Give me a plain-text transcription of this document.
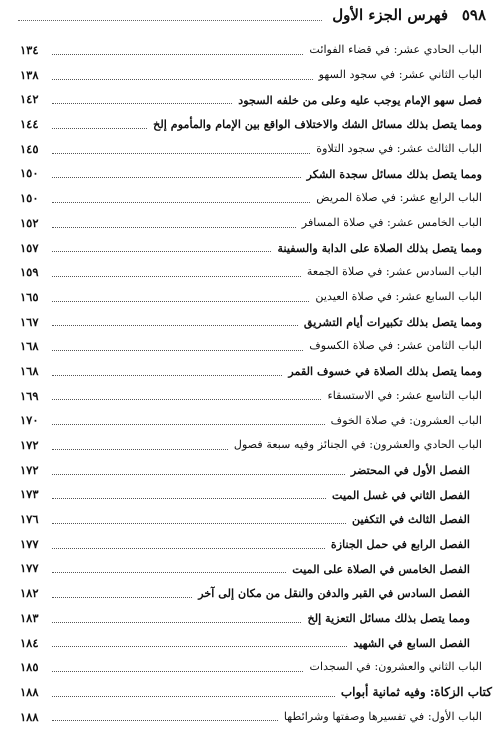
٥٩٨
فهرس الجزء الأول
الباب الحادي عشر: في قضاء الفوائت
١٣٤
الباب الثاني عشر: في سجود السهو
١٣٨
فصل سهو الإمام يوجب عليه وعلى من خلفه السجود
١٤٢
ومما يتصل بذلك مسائل الشك والاختلاف الواقع بين الإمام والمأموم إلخ
١٤٤
الباب الثالث عشر: في سجود التلاوة
١٤٥
ومما يتصل بذلك مسائل سجدة الشكر
١٥٠
الباب الرابع عشر: في صلاة المريض
١٥٠
الباب الخامس عشر: في صلاة المسافر
١٥٢
ومما يتصل بذلك الصلاة على الدابة والسفينة
١٥٧
الباب السادس عشر: في صلاة الجمعة
١٥٩
الباب السابع عشر: في صلاة العيدين
١٦٥
ومما يتصل بذلك تكبيرات أيام التشريق
١٦٧
الباب الثامن عشر: في صلاة الكسوف
١٦٨
ومما يتصل بذلك الصلاة في خسوف القمر
١٦٨
الباب التاسع عشر: في الاستسقاء
١٦٩
الباب العشرون: في صلاة الخوف
١٧٠
الباب الحادي والعشرون: في الجنائز وفيه سبعة فصول
١٧٢
الفصل الأول في المحتضر
١٧٢
الفصل الثاني في غسل الميت
١٧٣
الفصل الثالث في التكفين
١٧٦
الفصل الرابع في حمل الجنازة
١٧٧
الفصل الخامس في الصلاة على الميت
١٧٧
الفصل السادس في القبر والدفن والنقل من مكان إلى آخر
١٨٢
ومما يتصل بذلك مسائل التعزية إلخ
١٨٣
الفصل السابع في الشهيد
١٨٤
الباب الثاني والعشرون: في السجدات
١٨٥
كتاب الزكاة: وفيه ثمانية أبواب
١٨٨
الباب الأول: في تفسيرها وصفتها وشرائطها
١٨٨
